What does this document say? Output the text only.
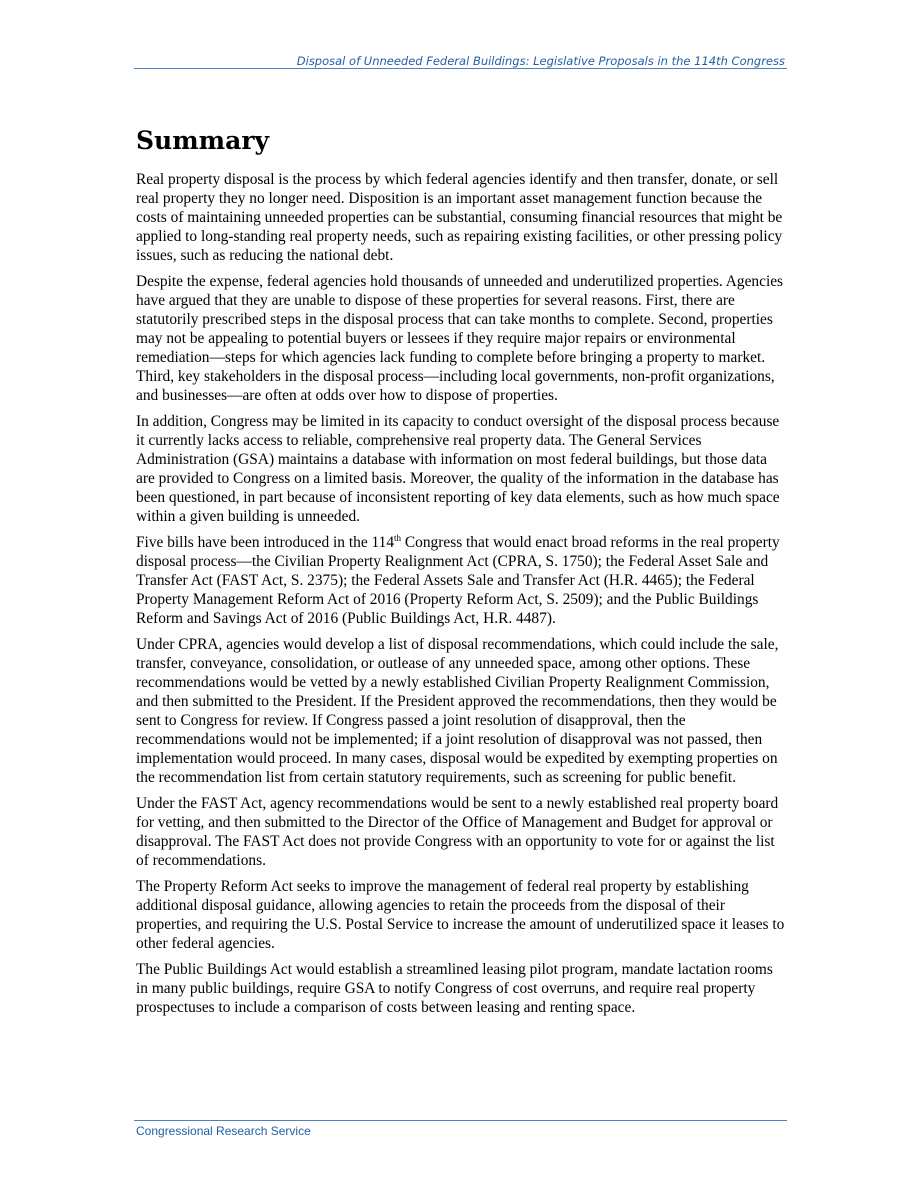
Disposal of Unneeded Federal Buildings: Legislative Proposals in the 114th Congress
Summary

Real property disposal is the process by which federal agencies identify and then transfer, donate, or sell real property they no longer need. Disposition is an important asset management function because the costs of maintaining unneeded properties can be substantial, consuming financial resources that might be applied to long-standing real property needs, such as repairing existing facilities, or other pressing policy issues, such as reducing the national debt.

Despite the expense, federal agencies hold thousands of unneeded and underutilized properties. Agencies have argued that they are unable to dispose of these properties for several reasons. First, there are statutorily prescribed steps in the disposal process that can take months to complete. Second, properties may not be appealing to potential buyers or lessees if they require major repairs or environmental remediation—steps for which agencies lack funding to complete before bringing a property to market. Third, key stakeholders in the disposal process—including local governments, non-profit organizations, and businesses—are often at odds over how to dispose of properties.

In addition, Congress may be limited in its capacity to conduct oversight of the disposal process because it currently lacks access to reliable, comprehensive real property data. The General Services Administration (GSA) maintains a database with information on most federal buildings, but those data are provided to Congress on a limited basis. Moreover, the quality of the information in the database has been questioned, in part because of inconsistent reporting of key data elements, such as how much space within a given building is unneeded.

Five bills have been introduced in the 114th Congress that would enact broad reforms in the real property disposal process—the Civilian Property Realignment Act (CPRA, S. 1750); the Federal Asset Sale and Transfer Act (FAST Act, S. 2375); the Federal Assets Sale and Transfer Act (H.R. 4465); the Federal Property Management Reform Act of 2016 (Property Reform Act, S. 2509); and the Public Buildings Reform and Savings Act of 2016 (Public Buildings Act, H.R. 4487).

Under CPRA, agencies would develop a list of disposal recommendations, which could include the sale, transfer, conveyance, consolidation, or outlease of any unneeded space, among other options. These recommendations would be vetted by a newly established Civilian Property Realignment Commission, and then submitted to the President. If the President approved the recommendations, then they would be sent to Congress for review. If Congress passed a joint resolution of disapproval, then the recommendations would not be implemented; if a joint resolution of disapproval was not passed, then implementation would proceed. In many cases, disposal would be expedited by exempting properties on the recommendation list from certain statutory requirements, such as screening for public benefit.

Under the FAST Act, agency recommendations would be sent to a newly established real property board for vetting, and then submitted to the Director of the Office of Management and Budget for approval or disapproval. The FAST Act does not provide Congress with an opportunity to vote for or against the list of recommendations.

The Property Reform Act seeks to improve the management of federal real property by establishing additional disposal guidance, allowing agencies to retain the proceeds from the disposal of their properties, and requiring the U.S. Postal Service to increase the amount of underutilized space it leases to other federal agencies.

The Public Buildings Act would establish a streamlined leasing pilot program, mandate lactation rooms in many public buildings, require GSA to notify Congress of cost overruns, and require real property prospectuses to include a comparison of costs between leasing and renting space.

Congressional Research Service
